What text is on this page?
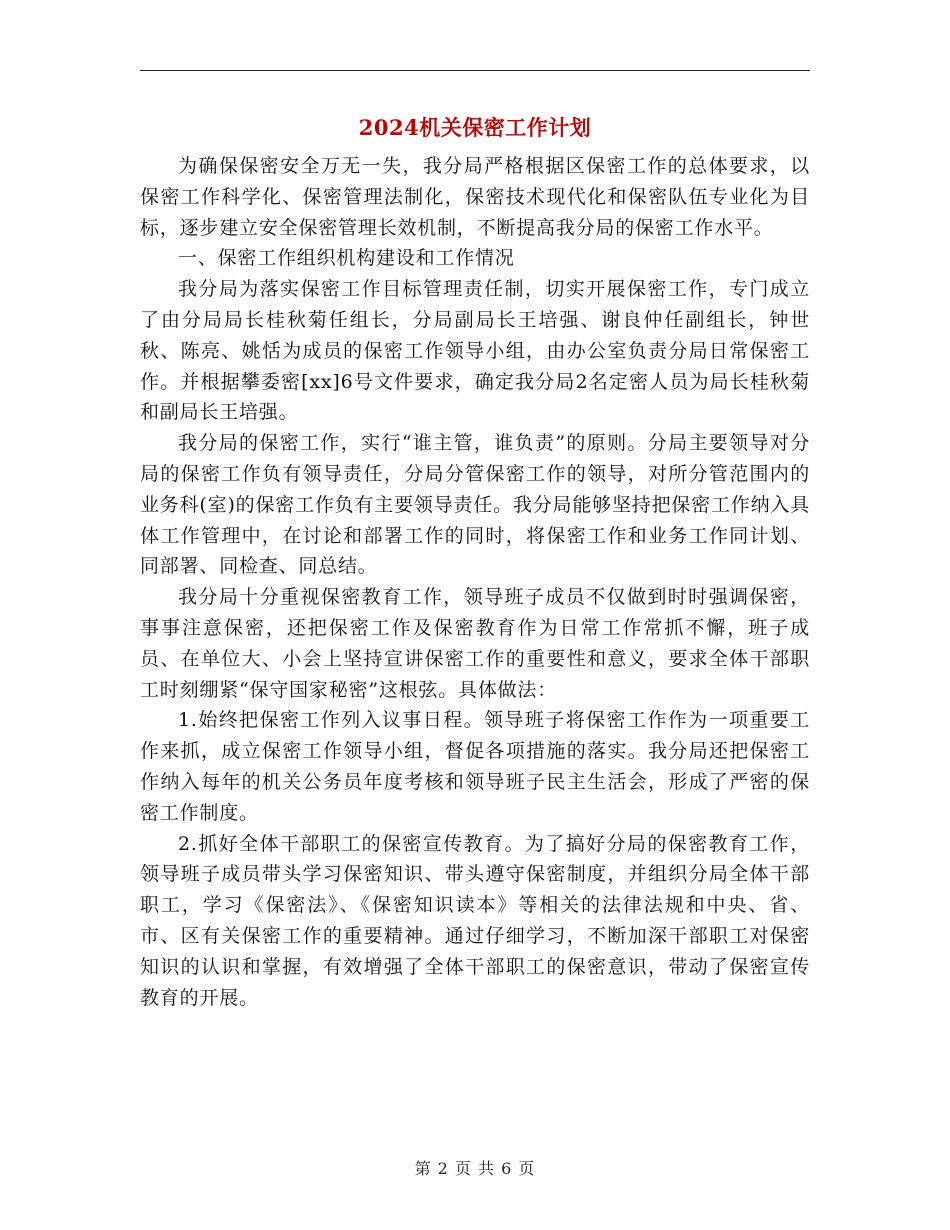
2024机关保密工作计划

为确保保密安全万无一失，我分局严格根据区保密工作的总体要求，以保密工作科学化、保密管理法制化，保密技术现代化和保密队伍专业化为目标，逐步建立安全保密管理长效机制，不断提高我分局的保密工作水平。

一、保密工作组织机构建设和工作情况

我分局为落实保密工作目标管理责任制，切实开展保密工作，专门成立了由分局局长桂秋菊任组长，分局副局长王培强、谢良仲任副组长，钟世秋、陈亮、姚恬为成员的保密工作领导小组，由办公室负责分局日常保密工作。并根据攀委密[xx]6号文件要求，确定我分局2名定密人员为局长桂秋菊和副局长王培强。

我分局的保密工作，实行“谁主管，谁负责”的原则。分局主要领导对分局的保密工作负有领导责任，分局分管保密工作的领导，对所分管范围内的业务科(室)的保密工作负有主要领导责任。我分局能够坚持把保密工作纳入具体工作管理中，在讨论和部署工作的同时，将保密工作和业务工作同计划、同部署、同检查、同总结。

我分局十分重视保密教育工作，领导班子成员不仅做到时时强调保密，事事注意保密，还把保密工作及保密教育作为日常工作常抓不懈，班子成员、在单位大、小会上坚持宣讲保密工作的重要性和意义，要求全体干部职工时刻绷紧“保守国家秘密”这根弦。具体做法：

1.始终把保密工作列入议事日程。领导班子将保密工作作为一项重要工作来抓，成立保密工作领导小组，督促各项措施的落实。我分局还把保密工作纳入每年的机关公务员年度考核和领导班子民主生活会，形成了严密的保密工作制度。

2.抓好全体干部职工的保密宣传教育。为了搞好分局的保密教育工作，领导班子成员带头学习保密知识、带头遵守保密制度，并组织分局全体干部职工，学习《保密法》、《保密知识读本》等相关的法律法规和中央、省、市、区有关保密工作的重要精神。通过仔细学习，不断加深干部职工对保密知识的认识和掌握，有效增强了全体干部职工的保密意识，带动了保密宣传教育的开展。

第 2 页 共 6 页
